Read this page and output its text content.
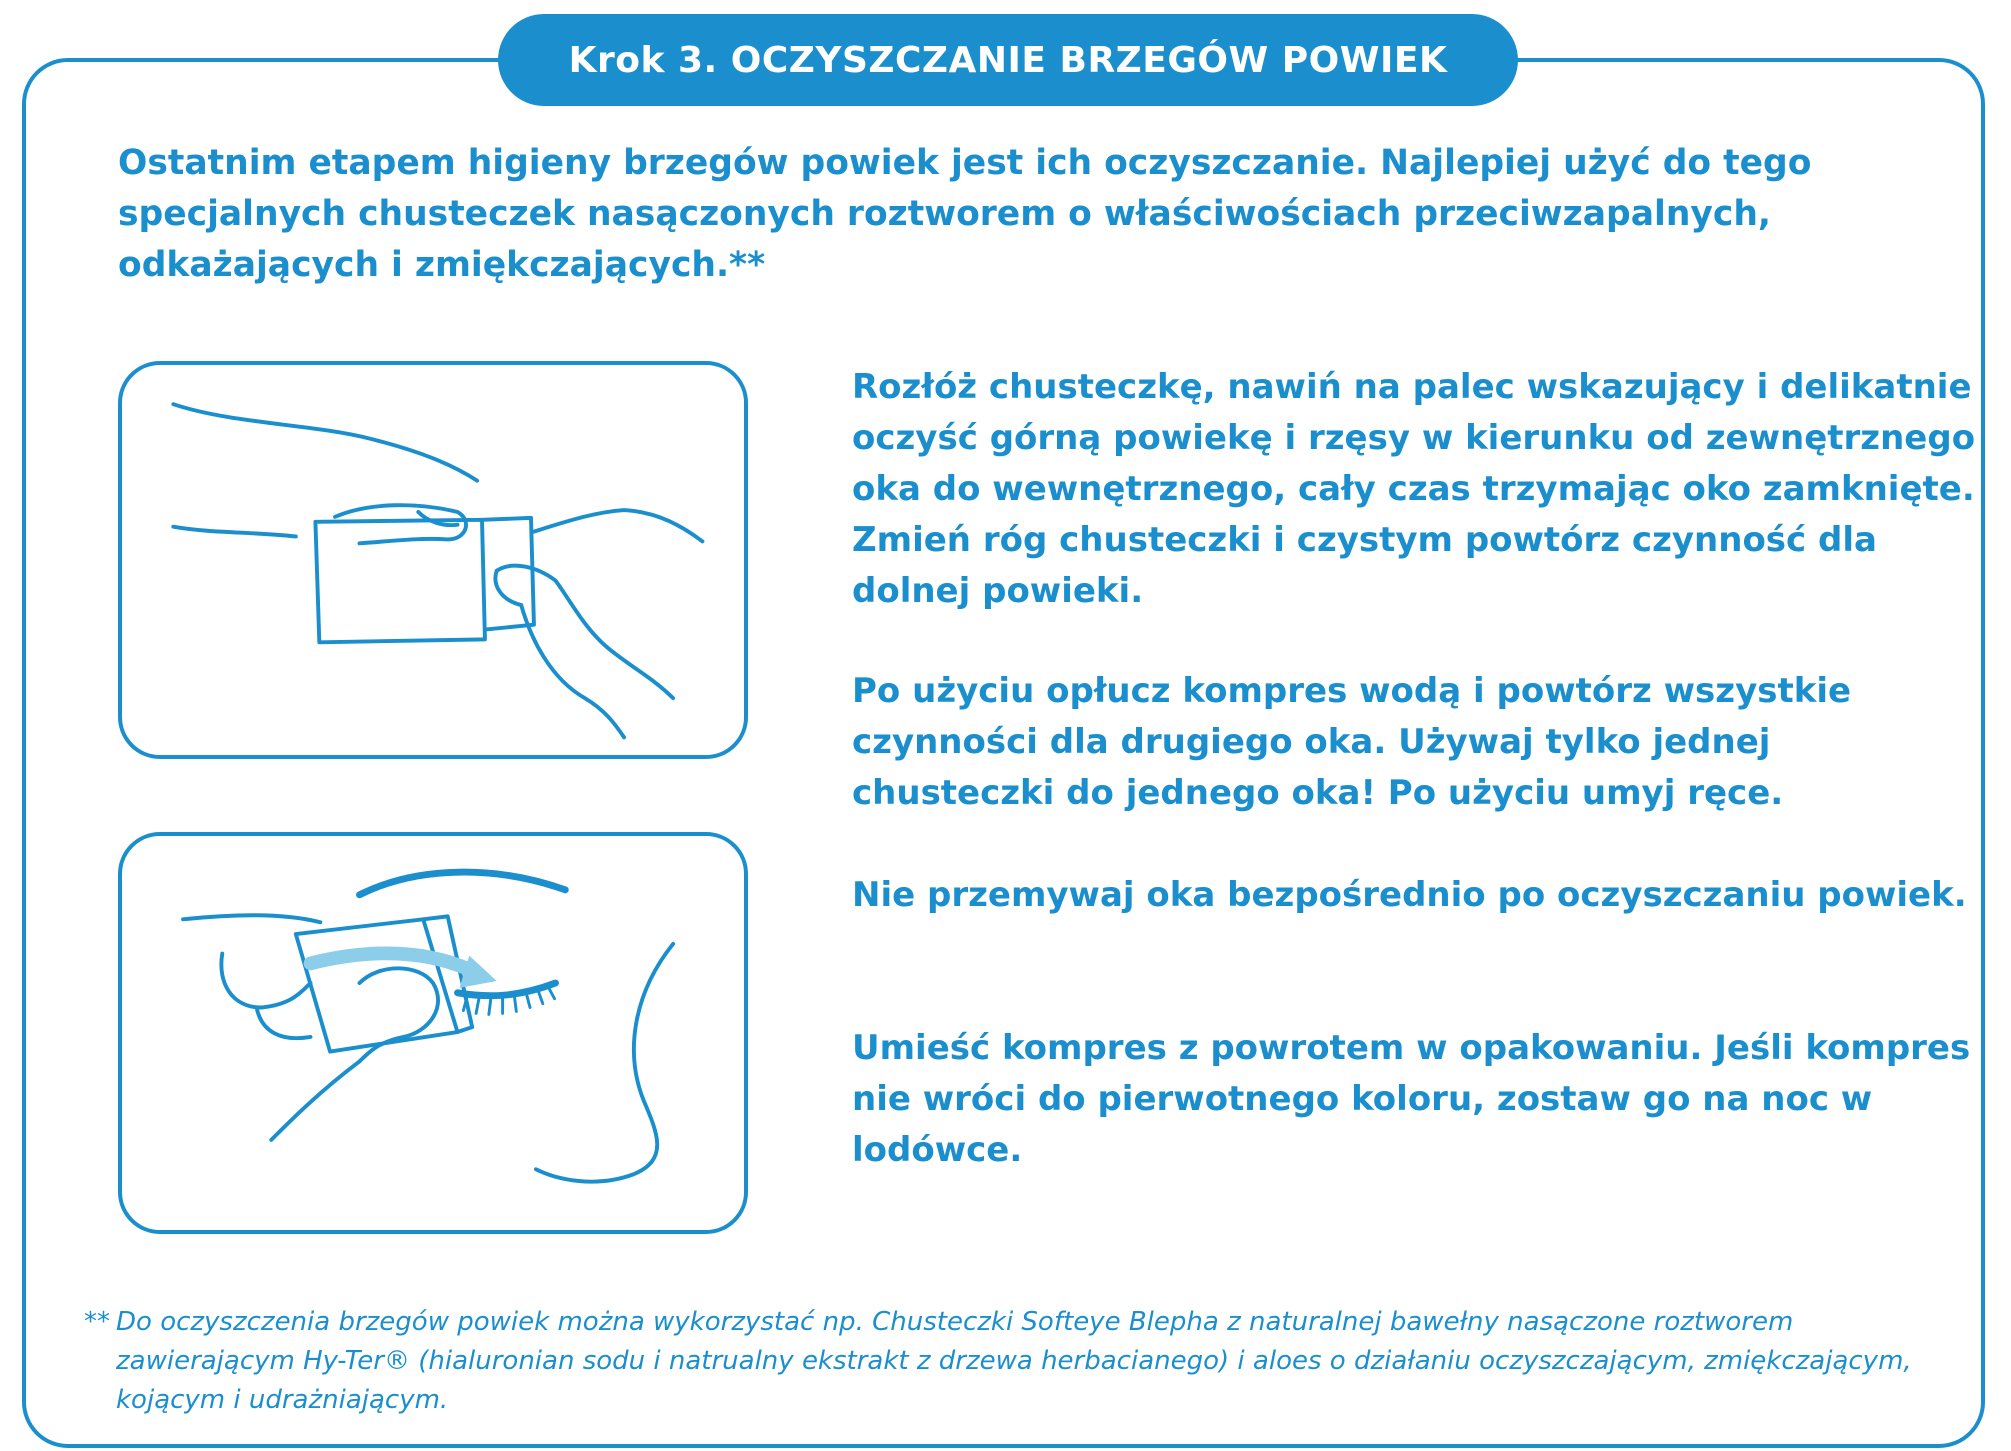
Krok 3. OCZYSZCZANIE BRZEGÓW POWIEK

Ostatnim etapem higieny brzegów powiek jest ich oczyszczanie. Najlepiej użyć do tego specjalnych chusteczek nasączonych roztworem o właściwościach przeciwzapalnych, odkażających i zmiękczających.**

Rozłóż chusteczkę, nawiń na palec wskazujący i delikatnie oczyść górną powiekę i rzęsy w kierunku od zewnętrznego oka do wewnętrznego, cały czas trzymając oko zamknięte. Zmień róg chusteczki i czystym powtórz czynność dla dolnej powieki.

Po użyciu opłucz kompres wodą i powtórz wszystkie czynności dla drugiego oka. Używaj tylko jednej chusteczki do jednego oka! Po użyciu umyj ręce.

Nie przemywaj oka bezpośrednio po oczyszczaniu powiek.

Umieść kompres z powrotem w opakowaniu. Jeśli kompres nie wróci do pierwotnego koloru, zostaw go na noc w lodówce.

** Do oczyszczenia brzegów powiek można wykorzystać np. Chusteczki Softeye Blepha z naturalnej bawełny nasączone roztworem zawierającym Hy-Ter® (hialuronian sodu i natrualny ekstrakt z drzewa herbacianego) i aloes o działaniu oczyszczającym, zmiękczającym, kojącym i udrażniającym.
